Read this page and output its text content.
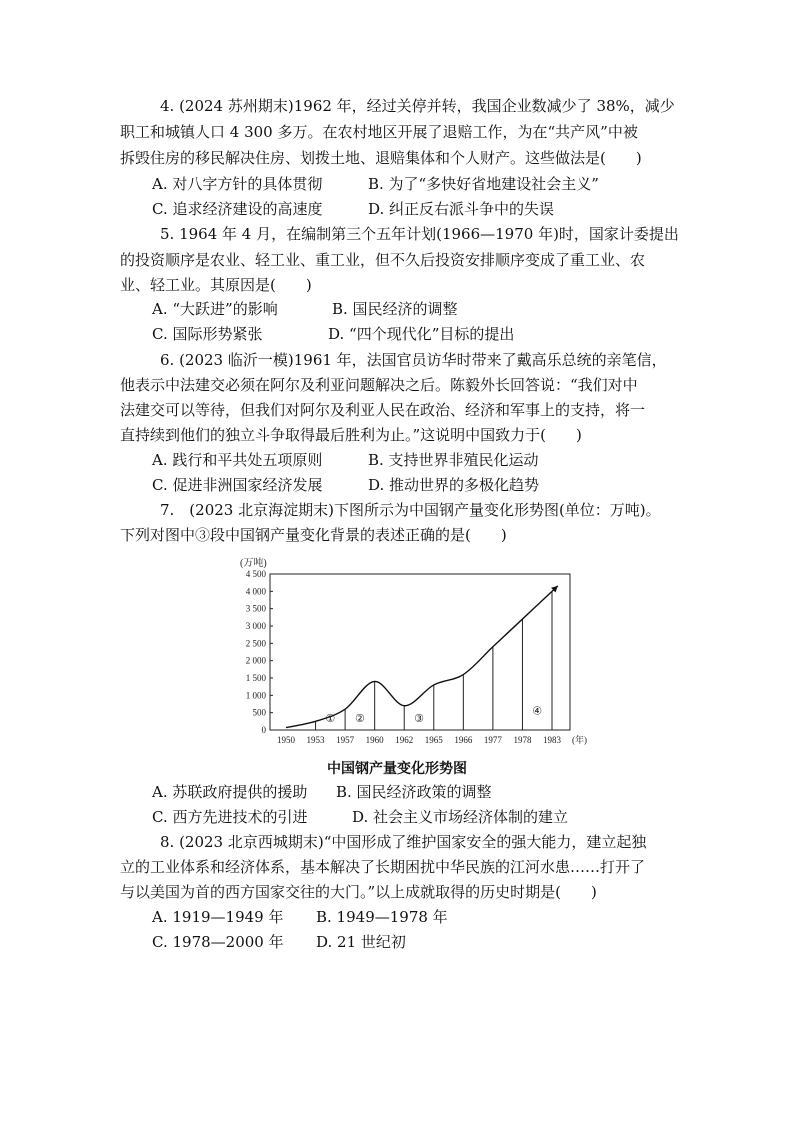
4. (2024 苏州期末)1962 年，经过关停并转，我国企业数减少了 38%，减少
职工和城镇人口 4 300 多万。在农村地区开展了退赔工作，为在“共产风”中被
拆毁住房的移民解决住房、划拨土地、退赔集体和个人财产。这些做法是(　　)
A. 对八字方针的具体贯彻	B. 为了“多快好省地建设社会主义”
C. 追求经济建设的高速度	D. 纠正反右派斗争中的失误
5. 1964 年 4 月，在编制第三个五年计划(1966—1970 年)时，国家计委提出
的投资顺序是农业、轻工业、重工业，但不久后投资安排顺序变成了重工业、农
业、轻工业。其原因是(　　)
A. “大跃进”的影响	B. 国民经济的调整
C. 国际形势紧张	D. “四个现代化”目标的提出
6. (2023 临沂一模)1961 年，法国官员访华时带来了戴高乐总统的亲笔信，
他表示中法建交必须在阿尔及利亚问题解决之后。陈毅外长回答说：“我们对中
法建交可以等待，但我们对阿尔及利亚人民在政治、经济和军事上的支持，将一
直持续到他们的独立斗争取得最后胜利为止。”这说明中国致力于(　　)
A. 践行和平共处五项原则	B. 支持世界非殖民化运动
C. 促进非洲国家经济发展	D. 推动世界的多极化趋势
7.　(2023 北京海淀期末)下图所示为中国钢产量变化形势图(单位：万吨)。
下列对图中③段中国钢产量变化背景的表述正确的是(　　)
(万吨)
0
500
1 000
1 500
2 000
2 500
3 000
3 500
4 000
4 500
1950 1953 1957 1960 1962 1965 1966 1977 1978 1983 (年)
① ②	③
④
中国钢产量变化形势图
A. 苏联政府提供的援助 B. 国民经济政策的调整
C. 西方先进技术的引进	D. 社会主义市场经济体制的建立
8. (2023 北京西城期末)“中国形成了维护国家安全的强大能力，建立起独
立的工业体系和经济体系，基本解决了长期困扰中华民族的江河水患……打开了
与以美国为首的西方国家交往的大门。”以上成就取得的历史时期是(　　)
A. 1919—1949 年 B. 1949—1978 年
C. 1978—2000 年 D. 21 世纪初
